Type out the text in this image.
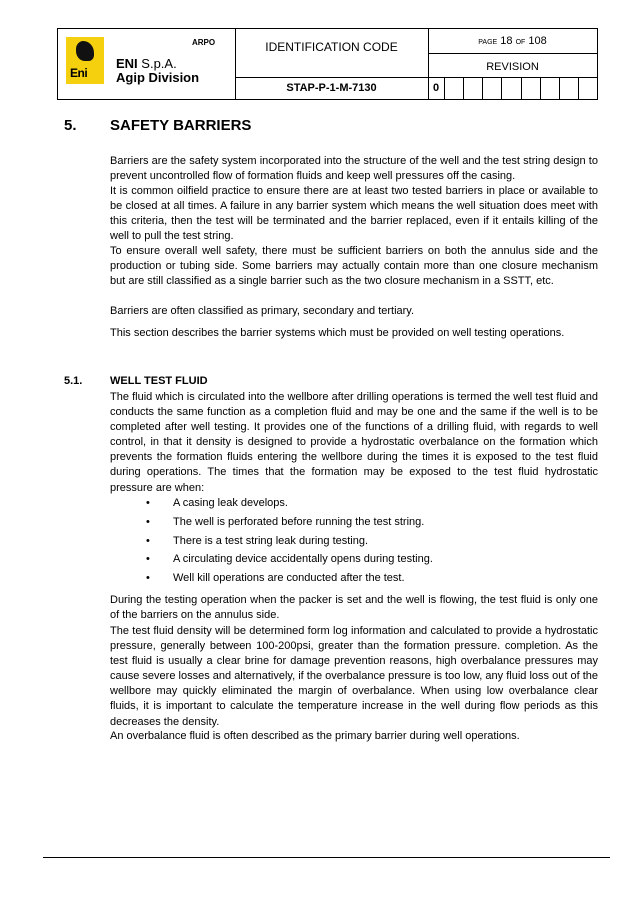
Eni
ARPO
ENI S.p.A.
Agip Division
IDENTIFICATION CODE
STAP-P-1-M-7130
PAGE 18 OF 108
REVISION
0
5. SAFETY BARRIERS

Barriers are the safety system incorporated into the structure of the well and the test string design to prevent uncontrolled flow of formation fluids and keep well pressures off the casing.

It is common oilfield practice to ensure there are at least two tested barriers in place or available to be closed at all times. A failure in any barrier system which means the well situation does meet with this criteria, then the test will be terminated and the barrier replaced, even if it entails killing of the well to pull the test string.

To ensure overall well safety, there must be sufficient barriers on both the annulus side and the production or tubing side. Some barriers may actually contain more than one closure mechanism but are still classified as a single barrier such as the two closure mechanism in a SSTT, etc.

Barriers are often classified as primary, secondary and tertiary.

This section describes the barrier systems which must be provided on well testing operations.

5.1.	WELL TEST FLUID

The fluid which is circulated into the wellbore after drilling operations is termed the well test fluid and conducts the same function as a completion fluid and may be one and the same if the well is to be completed after well testing. It provides one of the functions of a drilling fluid, with regards to well control, in that it density is designed to provide a hydrostatic overbalance on the formation which prevents the formation fluids entering the wellbore during the times it is exposed to the test fluid during operations. The times that the formation may be exposed to the test fluid hydrostatic pressure are when:

• A casing leak develops.
• The well is perforated before running the test string.
• There is a test string leak during testing.
• A circulating device accidentally opens during testing.
• Well kill operations are conducted after the test.

During the testing operation when the packer is set and the well is flowing, the test fluid is only one of the barriers on the annulus side.

The test fluid density will be determined form log information and calculated to provide a hydrostatic pressure, generally between 100-200psi, greater than the formation pressure. completion. As the test fluid is usually a clear brine for damage prevention reasons, high overbalance pressures may cause severe losses and alternatively, if the overbalance pressure is too low, any fluid loss out of the wellbore may quickly eliminated the margin of overbalance. When using low overbalance clear fluids, it is important to calculate the temperature increase in the well during flow periods as this decreases the density.

An overbalance fluid is often described as the primary barrier during well operations.
